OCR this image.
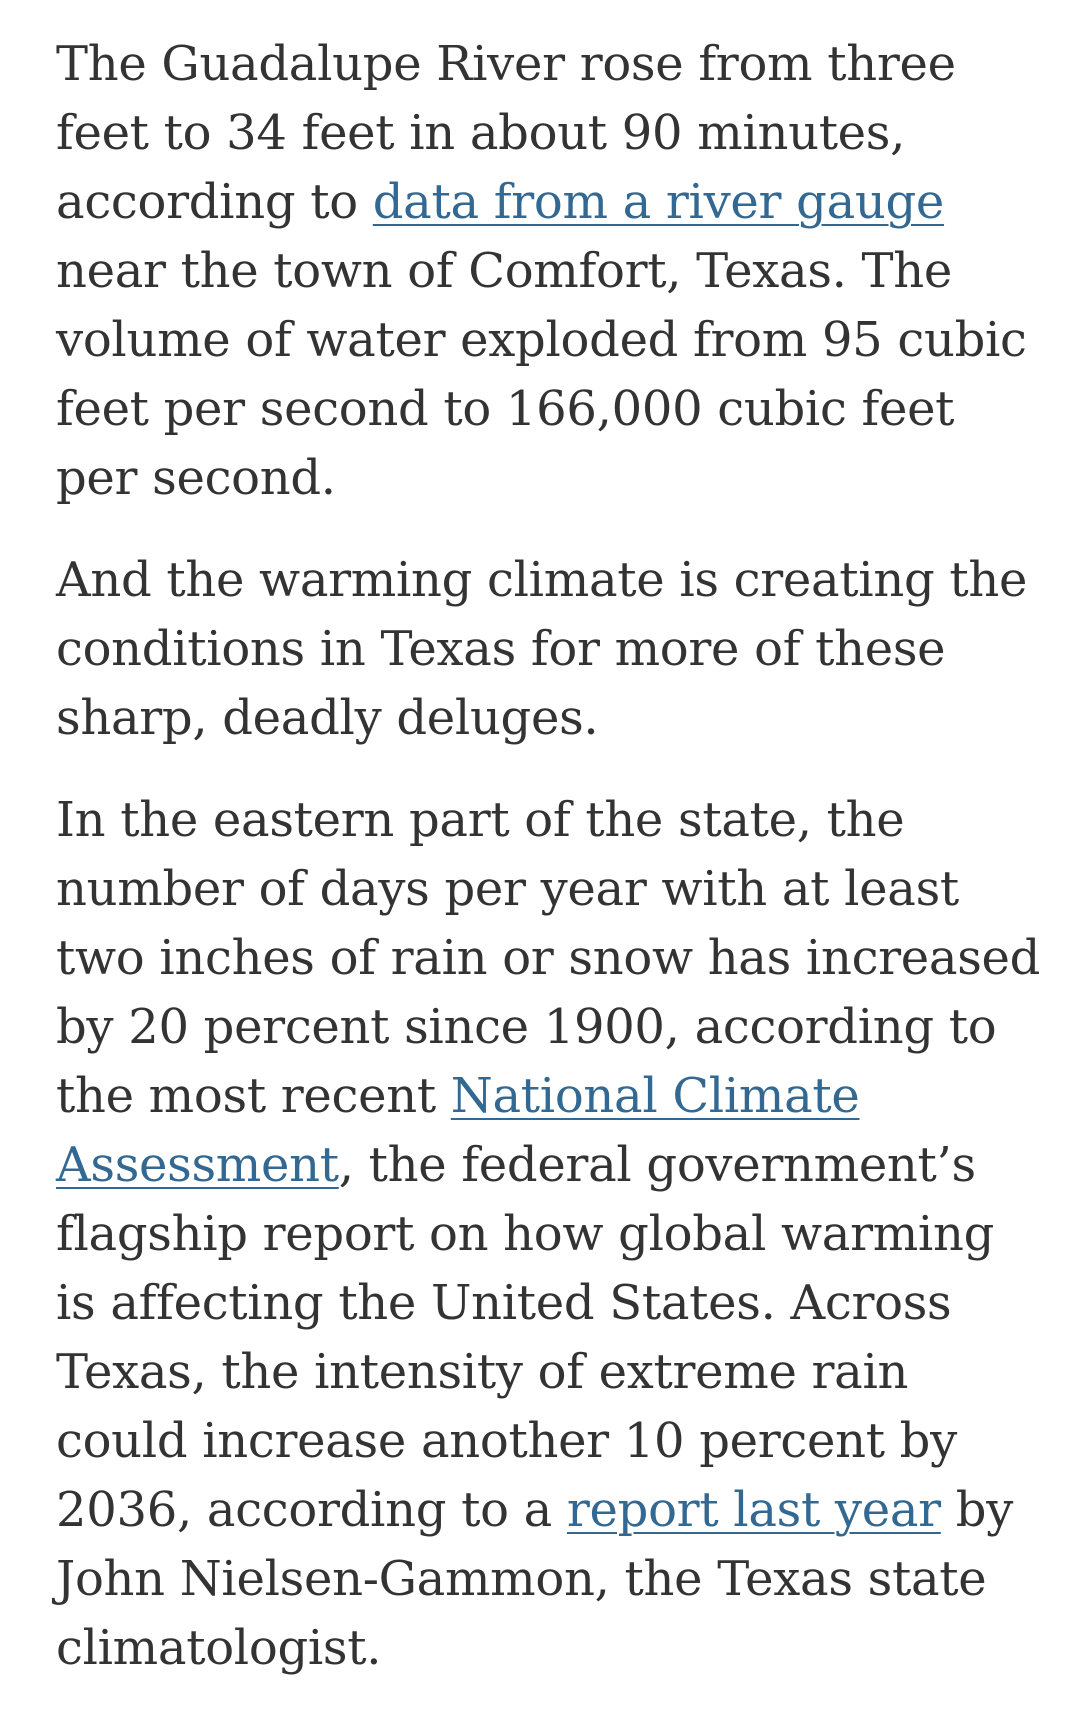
The Guadalupe River rose from three feet to 34 feet in about 90 minutes, according to data from a river gauge near the town of Comfort, Texas. The volume of water exploded from 95 cubic feet per second to 166,000 cubic feet per second.

And the warming climate is creating the conditions in Texas for more of these sharp, deadly deluges.

In the eastern part of the state, the number of days per year with at least two inches of rain or snow has increased by 20 percent since 1900, according to the most recent National Climate Assessment, the federal government’s flagship report on how global warming is affecting the United States. Across Texas, the intensity of extreme rain could increase another 10 percent by 2036, according to a report last year by John Nielsen-Gammon, the Texas state climatologist.
